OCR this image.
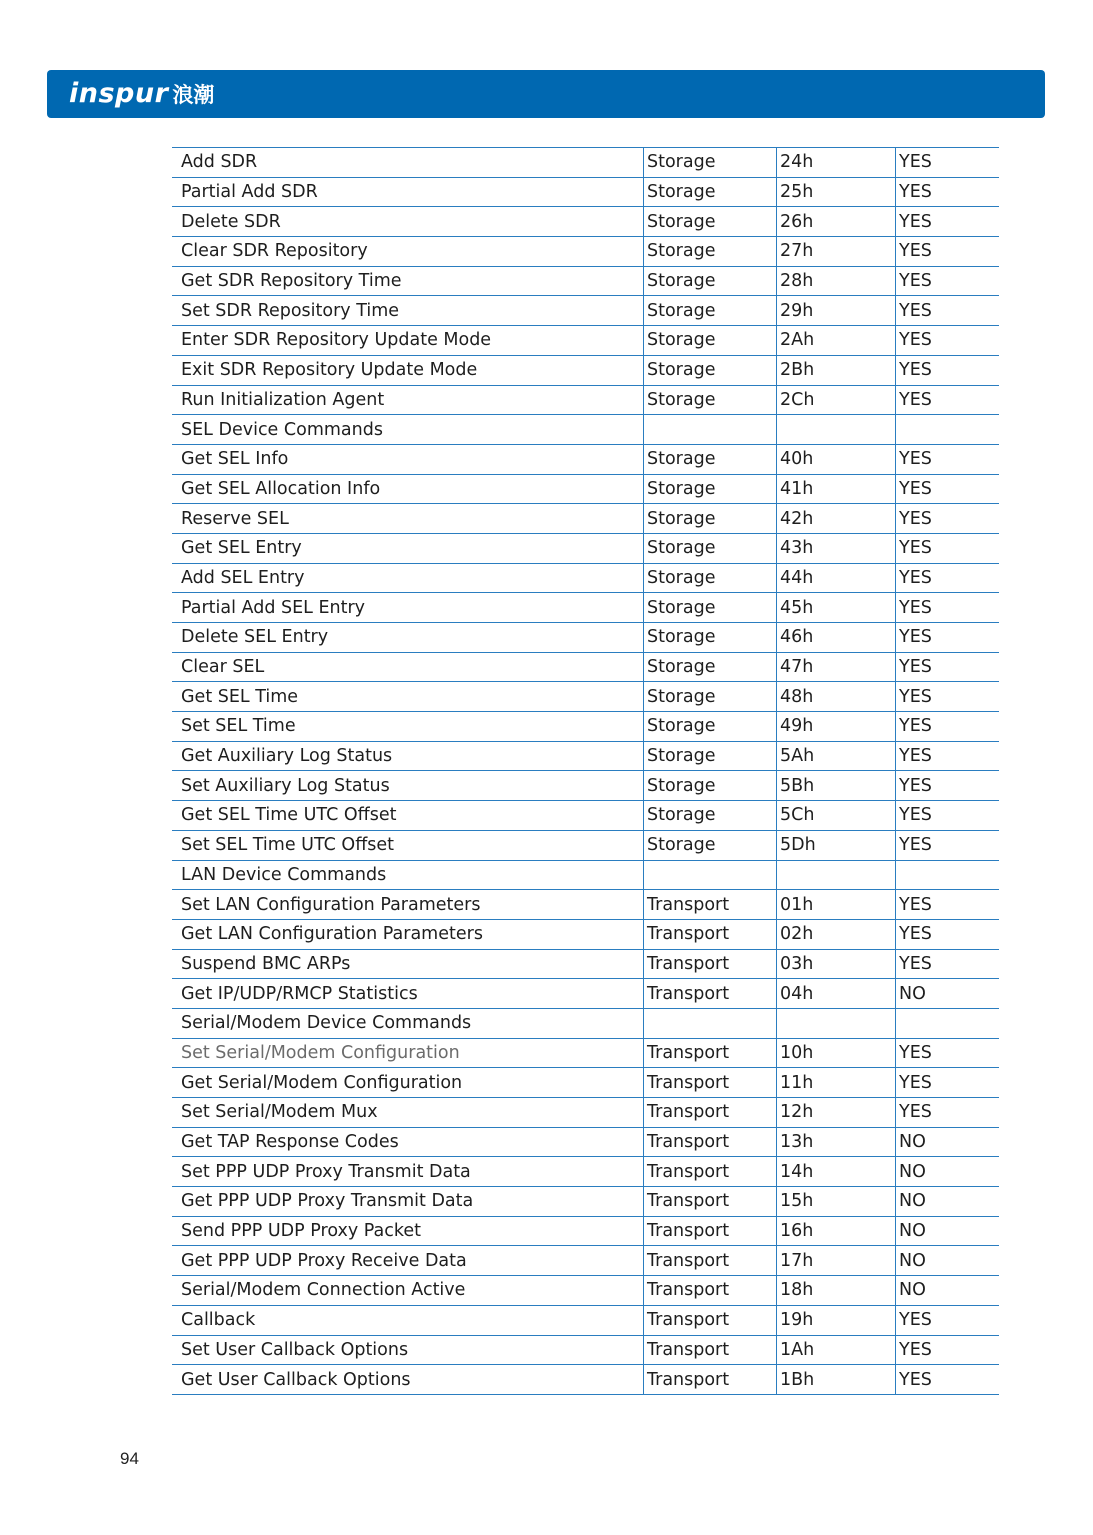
inspur 浪潮
Add SDR	Storage	24h	YES
Partial Add SDR	Storage	25h	YES
Delete SDR	Storage	26h	YES
Clear SDR Repository	Storage	27h	YES
Get SDR Repository Time	Storage	28h	YES
Set SDR Repository Time	Storage	29h	YES
Enter SDR Repository Update Mode	Storage	2Ah	YES
Exit SDR Repository Update Mode	Storage	2Bh	YES
Run Initialization Agent	Storage	2Ch	YES
SEL Device Commands			
Get SEL Info	Storage	40h	YES
Get SEL Allocation Info	Storage	41h	YES
Reserve SEL	Storage	42h	YES
Get SEL Entry	Storage	43h	YES
Add SEL Entry	Storage	44h	YES
Partial Add SEL Entry	Storage	45h	YES
Delete SEL Entry	Storage	46h	YES
Clear SEL	Storage	47h	YES
Get SEL Time	Storage	48h	YES
Set SEL Time	Storage	49h	YES
Get Auxiliary Log Status	Storage	5Ah	YES
Set Auxiliary Log Status	Storage	5Bh	YES
Get SEL Time UTC Offset	Storage	5Ch	YES
Set SEL Time UTC Offset	Storage	5Dh	YES
LAN Device Commands			
Set LAN Configuration Parameters	Transport	01h	YES
Get LAN Configuration Parameters	Transport	02h	YES
Suspend BMC ARPs	Transport	03h	YES
Get IP/UDP/RMCP Statistics	Transport	04h	NO
Serial/Modem Device Commands			
Set Serial/Modem Configuration	Transport	10h	YES
Get Serial/Modem Configuration	Transport	11h	YES
Set Serial/Modem Mux	Transport	12h	YES
Get TAP Response Codes	Transport	13h	NO
Set PPP UDP Proxy Transmit Data	Transport	14h	NO
Get PPP UDP Proxy Transmit Data	Transport	15h	NO
Send PPP UDP Proxy Packet	Transport	16h	NO
Get PPP UDP Proxy Receive Data	Transport	17h	NO
Serial/Modem Connection Active	Transport	18h	NO
Callback	Transport	19h	YES
Set User Callback Options	Transport	1Ah	YES
Get User Callback Options	Transport	1Bh	YES
94
